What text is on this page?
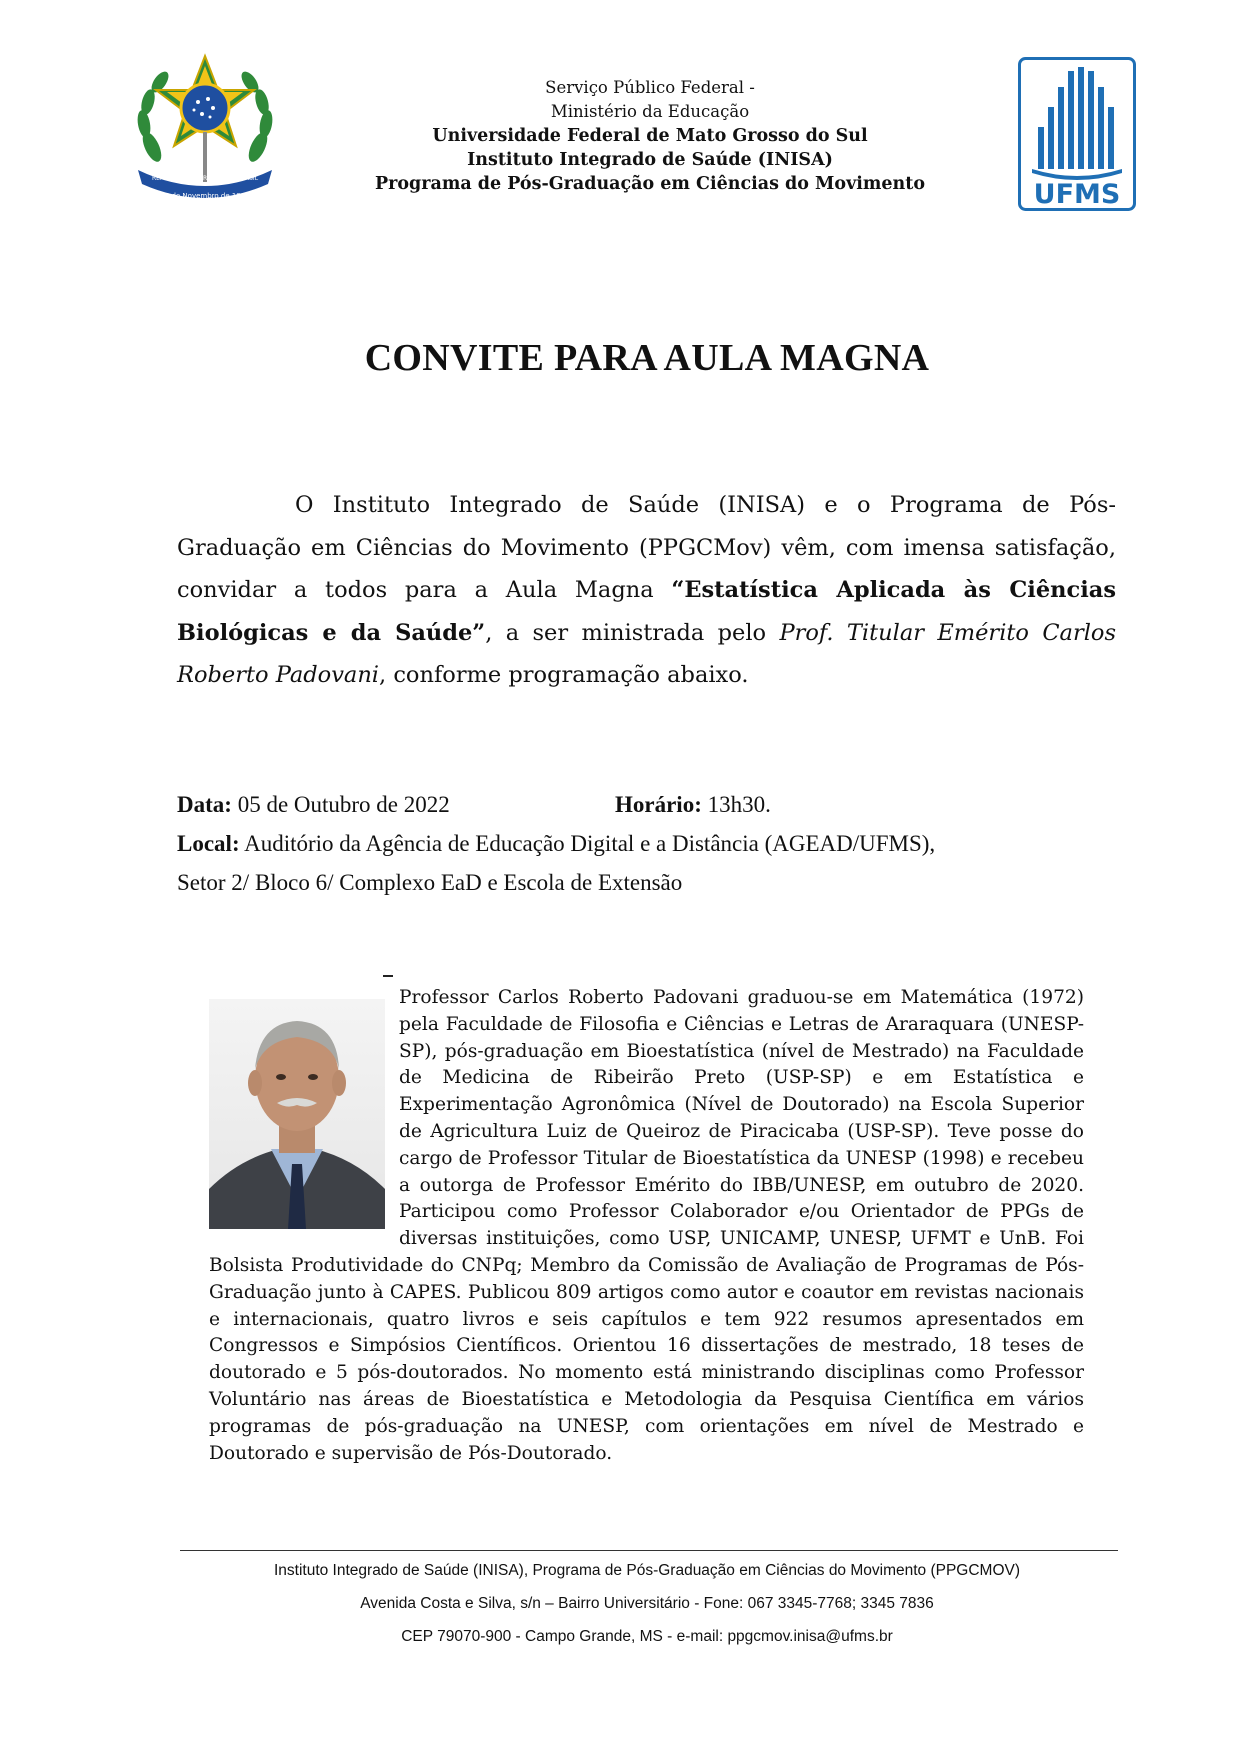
15 de Novembro de 1889
REPÚBLICA FEDERATIVA DO BRASIL
Serviço Público Federal -
Ministério da Educação
Universidade Federal de Mato Grosso do Sul
Instituto Integrado de Saúde (INISA)
Programa de Pós-Graduação em Ciências do Movimento	UFMS
CONVITE PARA AULA MAGNA

O Instituto Integrado de Saúde (INISA) e o Programa de Pós-Graduação em Ciências do Movimento (PPGCMov) vêm, com imensa satisfação, convidar a todos para a Aula Magna “Estatística Aplicada às Ciências Biológicas e da Saúde”, a ser ministrada pelo Prof. Titular Emérito Carlos Roberto Padovani, conforme programação abaixo.

Data: 05 de Outubro de 2022	Horário: 13h30.
Local: Auditório da Agência de Educação Digital e a Distância (AGEAD/UFMS),
Setor 2/ Bloco 6/ Complexo EaD e Escola de Extensão

Professor Carlos Roberto Padovani graduou-se em Matemática (1972) pela Faculdade de Filosofia e Ciências e Letras de Araraquara (UNESP-SP), pós-graduação em Bioestatística (nível de Mestrado) na Faculdade de Medicina de Ribeirão Preto (USP-SP) e em Estatística e Experimentação Agronômica (Nível de Doutorado) na Escola Superior de Agricultura Luiz de Queiroz de Piracicaba (USP-SP). Teve posse do cargo de Professor Titular de Bioestatística da UNESP (1998) e recebeu a outorga de Professor Emérito do IBB/UNESP, em outubro de 2020. Participou como Professor Colaborador e/ou Orientador de PPGs de diversas instituições, como USP, UNICAMP, UNESP, UFMT e UnB. Foi Bolsista Produtividade do CNPq; Membro da Comissão de Avaliação de Programas de Pós-Graduação junto à CAPES. Publicou 809 artigos como autor e coautor em revistas nacionais e internacionais, quatro livros e seis capítulos e tem 922 resumos apresentados em Congressos e Simpósios Científicos. Orientou 16 dissertações de mestrado, 18 teses de doutorado e 5 pós-doutorados. No momento está ministrando disciplinas como Professor Voluntário nas áreas de Bioestatística e Metodologia da Pesquisa Científica em vários programas de pós-graduação na UNESP, com orientações em nível de Mestrado e Doutorado e supervisão de Pós-Doutorado.

Instituto Integrado de Saúde (INISA), Programa de Pós-Graduação em Ciências do Movimento (PPGCMOV)
Avenida Costa e Silva, s/n – Bairro Universitário - Fone: 067 3345-7768; 3345 7836
CEP 79070-900 - Campo Grande, MS - e-mail: ppgcmov.inisa@ufms.br
